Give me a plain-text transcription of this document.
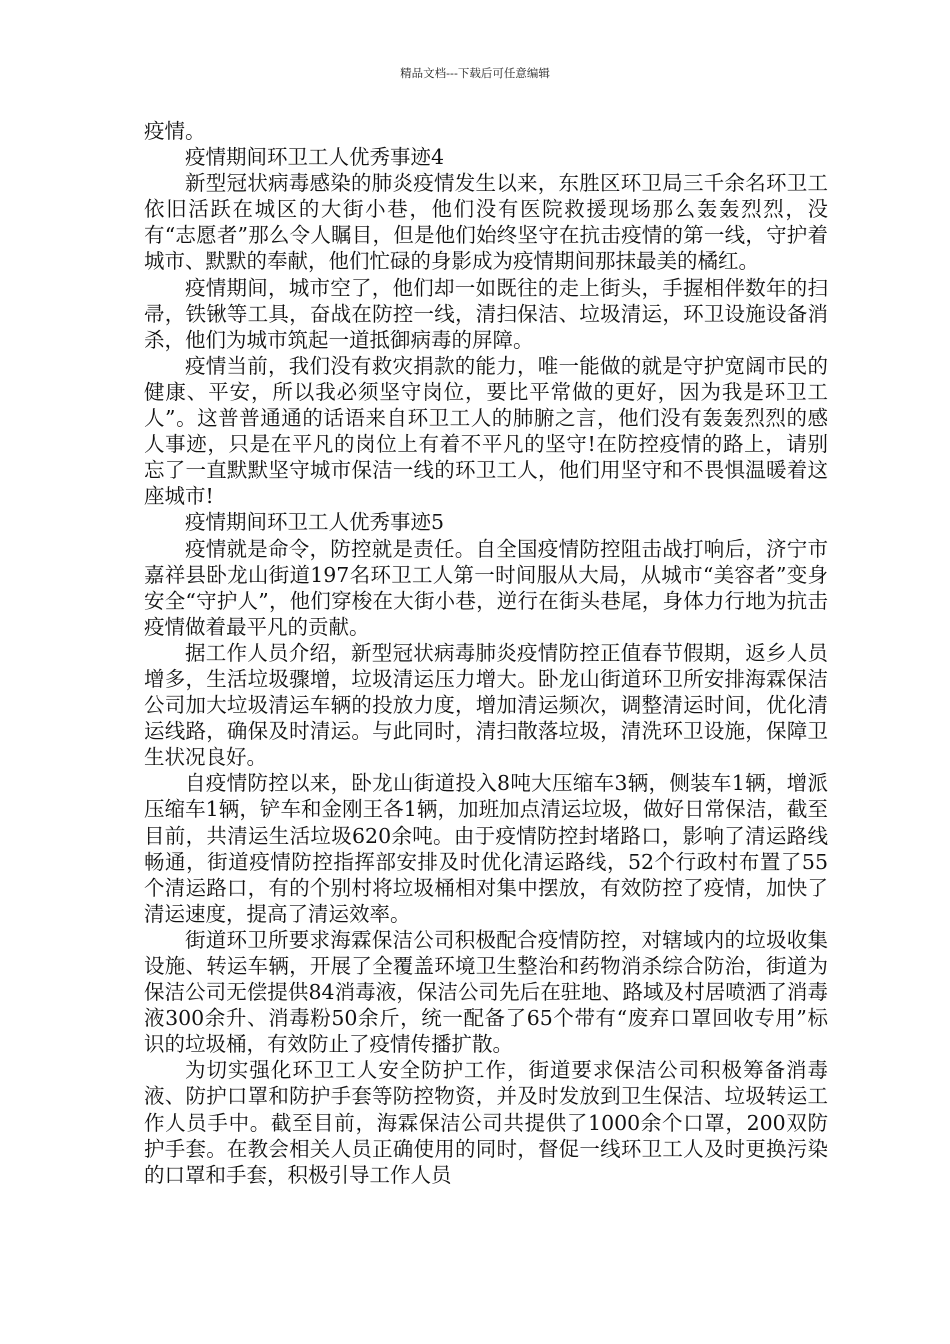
精品文档---下载后可任意编辑

疫情。

疫情期间环卫工人优秀事迹4

新型冠状病毒感染的肺炎疫情发生以来，东胜区环卫局三千余名环卫工依旧活跃在城区的大街小巷，他们没有医院救援现场那么轰轰烈烈，没有“志愿者”那么令人瞩目，但是他们始终坚守在抗击疫情的第一线，守护着城市、默默的奉献，他们忙碌的身影成为疫情期间那抹最美的橘红。

疫情期间，城市空了，他们却一如既往的走上街头，手握相伴数年的扫帚，铁锹等工具，奋战在防控一线，清扫保洁、垃圾清运，环卫设施设备消杀，他们为城市筑起一道抵御病毒的屏障。

疫情当前，我们没有救灾捐款的能力，唯一能做的就是守护宽阔市民的健康、平安，所以我必须坚守岗位，要比平常做的更好，因为我是环卫工人”。这普普通通的话语来自环卫工人的肺腑之言，他们没有轰轰烈烈的感人事迹，只是在平凡的岗位上有着不平凡的坚守!在防控疫情的路上，请别忘了一直默默坚守城市保洁一线的环卫工人，他们用坚守和不畏惧温暖着这座城市!

疫情期间环卫工人优秀事迹5

疫情就是命令，防控就是责任。自全国疫情防控阻击战打响后，济宁市嘉祥县卧龙山街道197名环卫工人第一时间服从大局，从城市“美容者”变身安全“守护人”，他们穿梭在大街小巷，逆行在街头巷尾，身体力行地为抗击疫情做着最平凡的贡献。

据工作人员介绍，新型冠状病毒肺炎疫情防控正值春节假期，返乡人员增多，生活垃圾骤增，垃圾清运压力增大。卧龙山街道环卫所安排海霖保洁公司加大垃圾清运车辆的投放力度，增加清运频次，调整清运时间，优化清运线路，确保及时清运。与此同时，清扫散落垃圾，清洗环卫设施，保障卫生状况良好。

自疫情防控以来，卧龙山街道投入8吨大压缩车3辆，侧装车1辆，增派压缩车1辆，铲车和金刚王各1辆，加班加点清运垃圾，做好日常保洁，截至目前，共清运生活垃圾620余吨。由于疫情防控封堵路口，影响了清运路线畅通，街道疫情防控指挥部安排及时优化清运路线，52个行政村布置了55个清运路口，有的个别村将垃圾桶相对集中摆放，有效防控了疫情，加快了清运速度，提高了清运效率。

街道环卫所要求海霖保洁公司积极配合疫情防控，对辖域内的垃圾收集设施、转运车辆，开展了全覆盖环境卫生整治和药物消杀综合防治，街道为保洁公司无偿提供84消毒液，保洁公司先后在驻地、路域及村居喷洒了消毒液300余升、消毒粉50余斤，统一配备了65个带有“废弃口罩回收专用”标识的垃圾桶，有效防止了疫情传播扩散。

为切实强化环卫工人安全防护工作，街道要求保洁公司积极筹备消毒液、防护口罩和防护手套等防控物资，并及时发放到卫生保洁、垃圾转运工作人员手中。截至目前，海霖保洁公司共提供了1000余个口罩，200双防护手套。在教会相关人员正确使用的同时，督促一线环卫工人及时更换污染的口罩和手套，积极引导工作人员
